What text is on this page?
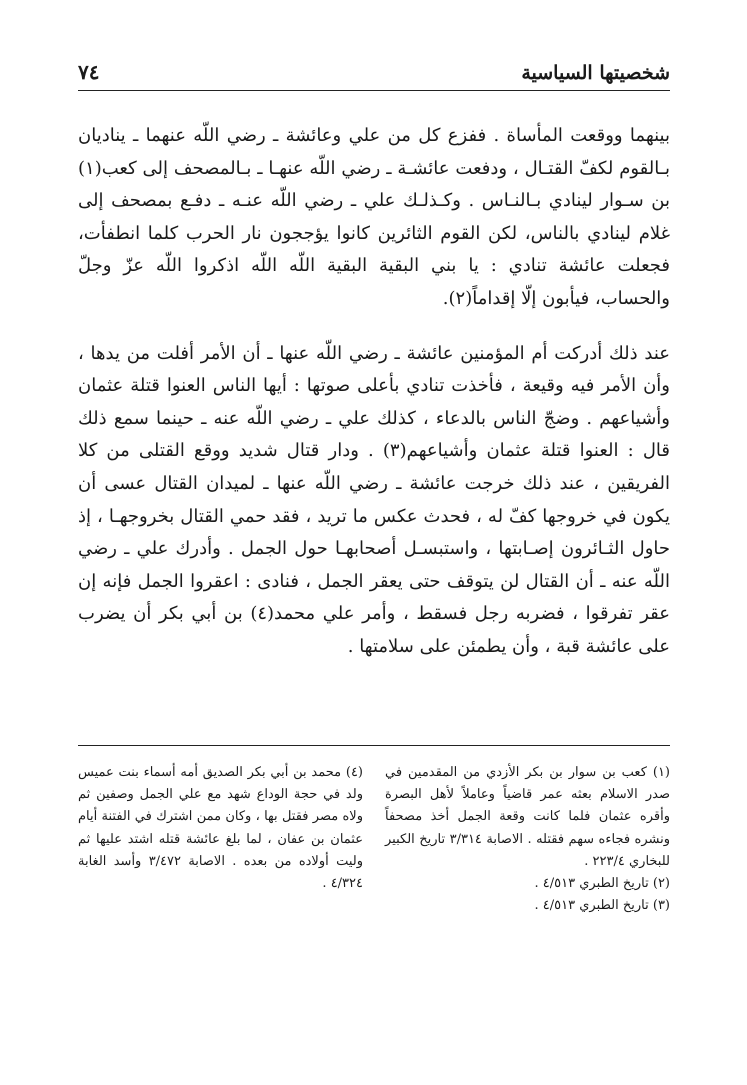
٧٤	شخصيتها السياسية

بينهما ووقعت المأساة . ففزع كل من علي وعائشة ـ رضي اللّه عنهما ـ يناديان بـالقوم لكفّ القتـال ، ودفعت عائشـة ـ رضي اللّه عنهـا ـ بـالمصحف إلى كعب(١) بن سـوار لينادي بـالنـاس . وكـذلـك علي ـ رضي اللّه عنـه ـ دفـع بمصحف إلى غلام لينادي بالناس، لكن القوم الثائرين كانوا يؤججون نار الحرب كلما انطفأت، فجعلت عائشة تنادي : يا بني البقية البقية اللّه اللّه اذكروا اللّه عزّ وجلّ والحساب، فيأبون إلّا إقداماً(٢).

عند ذلك أدركت أم المؤمنين عائشة ـ رضي اللّه عنها ـ أن الأمر أفلت من يدها ، وأن الأمر فيه وقيعة ، فأخذت تنادي بأعلى صوتها : أيها الناس العنوا قتلة عثمان وأشياعهم . وضجّ الناس بالدعاء ، كذلك علي ـ رضي اللّه عنه ـ حينما سمع ذلك قال : العنوا قتلة عثمان وأشياعهم(٣) . ودار قتال شديد ووقع القتلى من كلا الفريقين ، عند ذلك خرجت عائشة ـ رضي اللّه عنها ـ لميدان القتال عسى أن يكون في خروجها كفّ له ، فحدث عكس ما تريد ، فقد حمي القتال بخروجهـا ، إذ حاول الثـائرون إصـابتها ، واستبسـل أصحابهـا حول الجمل . وأدرك علي ـ رضي اللّه عنه ـ أن القتال لن يتوقف حتى يعقر الجمل ، فنادى : اعقروا الجمل فإنه إن عقر تفرقوا ، فضربه رجل فسقط ، وأمر علي محمد(٤) بن أبي بكر أن يضرب على عائشة قبة ، وأن يطمئن على سلامتها .

(٤) محمد بن أبي بكر الصديق أمه أسماء بنت عميس ولد في حجة الوداع شهد مع علي الجمل وصفين ثم ولاه مصر فقتل بها ، وكان ممن اشترك في الفتنة أيام عثمان بن عفان ، لما بلغ عائشة قتله اشتد عليها ثم وليت أولاده من بعده . الاصابة ٣/٤٧٢ وأسد الغابة ٤/٣٢٤ .

(١) كعب بن سوار بن بكر الأزدي من المقدمين في صدر الاسلام بعثه عمر قاضياً وعاملاً لأهل البصرة وأقره عثمان فلما كانت وقعة الجمل أخذ مصحفاً ونشره فجاءه سهم فقتله . الاصابة ٣/٣١٤ تاريخ الكبير للبخاري ٢٢٣/٤ .

(٢) تاريخ الطبري ٤/٥١٣ .

(٣) تاريخ الطبري ٤/٥١٣ .
